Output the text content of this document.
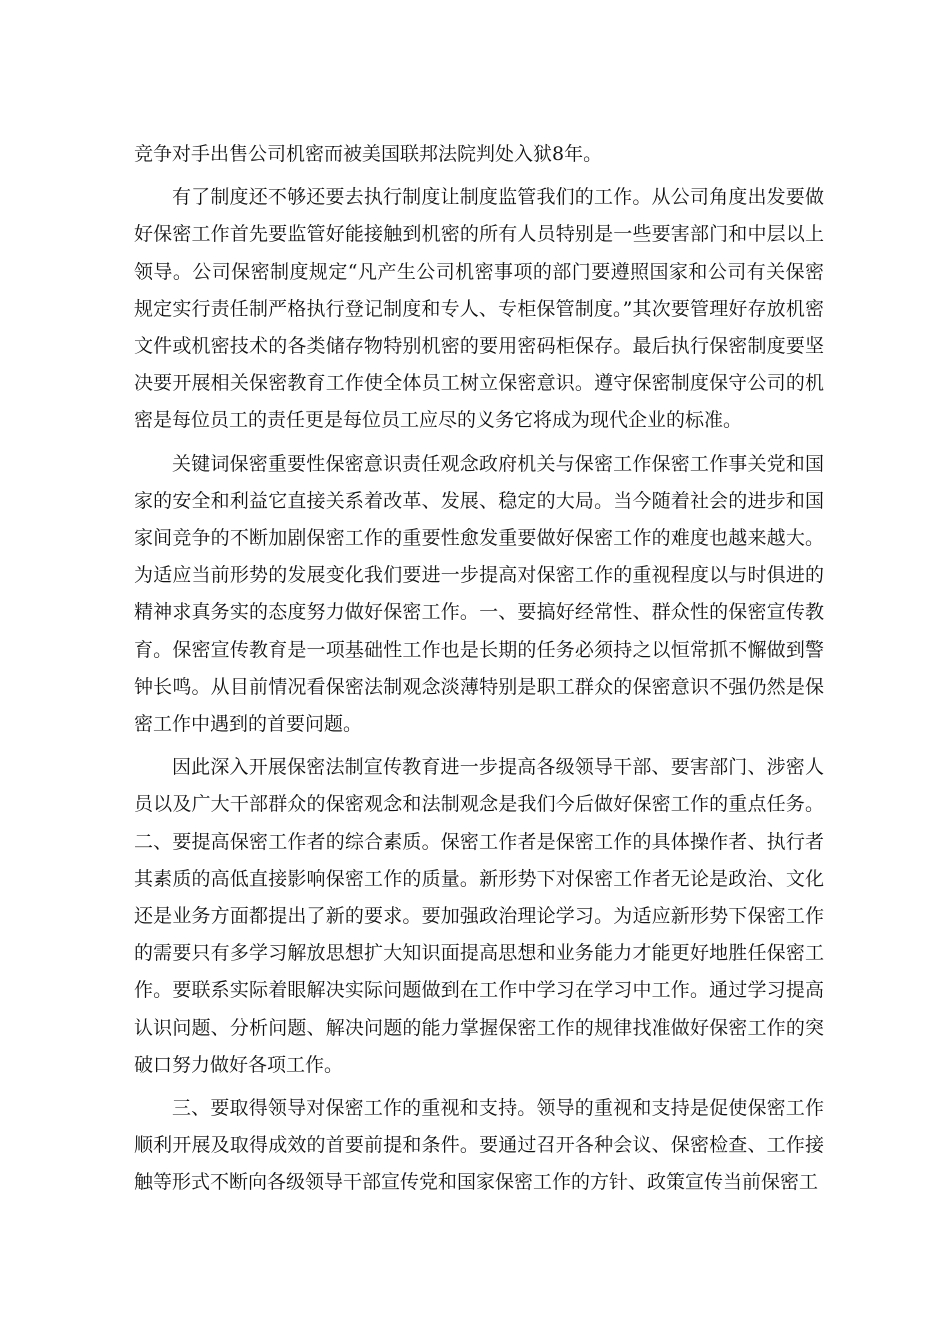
竞争对手出售公司机密而被美国联邦法院判处入狱8年。

有了制度还不够还要去执行制度让制度监管我们的工作。从公司角度出发要做好保密工作首先要监管好能接触到机密的所有人员特别是一些要害部门和中层以上领导。公司保密制度规定“凡产生公司机密事项的部门要遵照国家和公司有关保密规定实行责任制严格执行登记制度和专人、专柜保管制度。”其次要管理好存放机密文件或机密技术的各类储存物特别机密的要用密码柜保存。最后执行保密制度要坚决要开展相关保密教育工作使全体员工树立保密意识。遵守保密制度保守公司的机密是每位员工的责任更是每位员工应尽的义务它将成为现代企业的标准。

关键词保密重要性保密意识责任观念政府机关与保密工作保密工作事关党和国家的安全和利益它直接关系着改革、发展、稳定的大局。当今随着社会的进步和国家间竞争的不断加剧保密工作的重要性愈发重要做好保密工作的难度也越来越大。为适应当前形势的发展变化我们要进一步提高对保密工作的重视程度以与时俱进的精神求真务实的态度努力做好保密工作。一、要搞好经常性、群众性的保密宣传教育。保密宣传教育是一项基础性工作也是长期的任务必须持之以恒常抓不懈做到警钟长鸣。从目前情况看保密法制观念淡薄特别是职工群众的保密意识不强仍然是保密工作中遇到的首要问题。

因此深入开展保密法制宣传教育进一步提高各级领导干部、要害部门、涉密人员以及广大干部群众的保密观念和法制观念是我们今后做好保密工作的重点任务。二、要提高保密工作者的综合素质。保密工作者是保密工作的具体操作者、执行者其素质的高低直接影响保密工作的质量。新形势下对保密工作者无论是政治、文化还是业务方面都提出了新的要求。要加强政治理论学习。为适应新形势下保密工作的需要只有多学习解放思想扩大知识面提高思想和业务能力才能更好地胜任保密工作。要联系实际着眼解决实际问题做到在工作中学习在学习中工作。通过学习提高认识问题、分析问题、解决问题的能力掌握保密工作的规律找准做好保密工作的突破口努力做好各项工作。

三、要取得领导对保密工作的重视和支持。领导的重视和支持是促使保密工作顺利开展及取得成效的首要前提和条件。要通过召开各种会议、保密检查、工作接触等形式不断向各级领导干部宣传党和国家保密工作的方针、政策宣传当前保密工
